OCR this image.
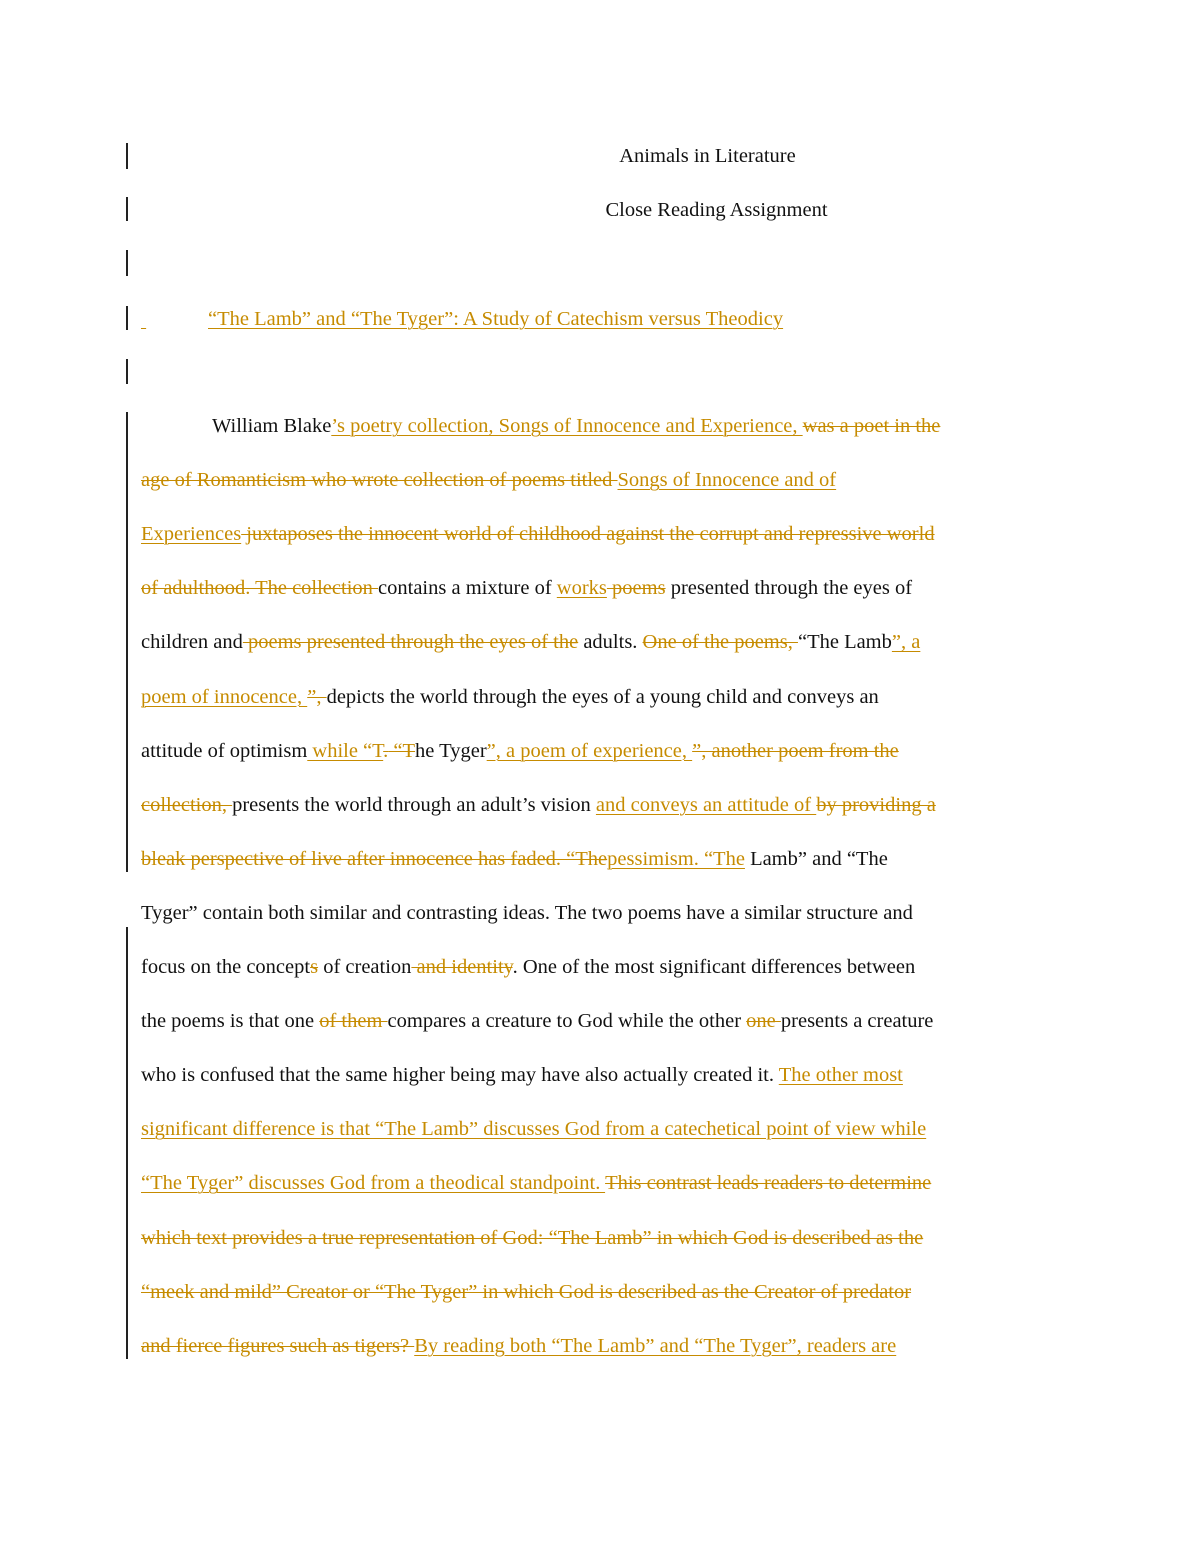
Animals in Literature
Close Reading Assignment
“The Lamb” and “The Tyger”: A Study of Catechism versus Theodicy
William Blake’s poetry collection, Songs of Innocence and Experience, was a poet in the
age of Romanticism who wrote collection of poems titled Songs of Innocence and of
Experiences juxtaposes the innocent world of childhood against the corrupt and repressive world
of adulthood. The collection contains a mixture of works poems presented through the eyes of
children and poems presented through the eyes of the adults. One of the poems, “The Lamb”, a
poem of innocence, ”, depicts the world through the eyes of a young child and conveys an
attitude of optimism while “T. “The Tyger”, a poem of experience, ”, another poem from the
collection, presents the world through an adult’s vision and conveys an attitude of by providing a
bleak perspective of live after innocence has faded. “Thepessimism. “The Lamb” and “The
Tyger” contain both similar and contrasting ideas. The two poems have a similar structure and
focus on the concepts of creation and identity. One of the most significant differences between
the poems is that one of them compares a creature to God while the other one presents a creature
who is confused that the same higher being may have also actually created it. The other most
significant difference is that “The Lamb” discusses God from a catechetical point of view while
“The Tyger” discusses God from a theodical standpoint. This contrast leads readers to determine
which text provides a true representation of God: “The Lamb” in which God is described as the
“meek and mild” Creator or “The Tyger” in which God is described as the Creator of predator
and fierce figures such as tigers? By reading both “The Lamb” and “The Tyger”, readers are
